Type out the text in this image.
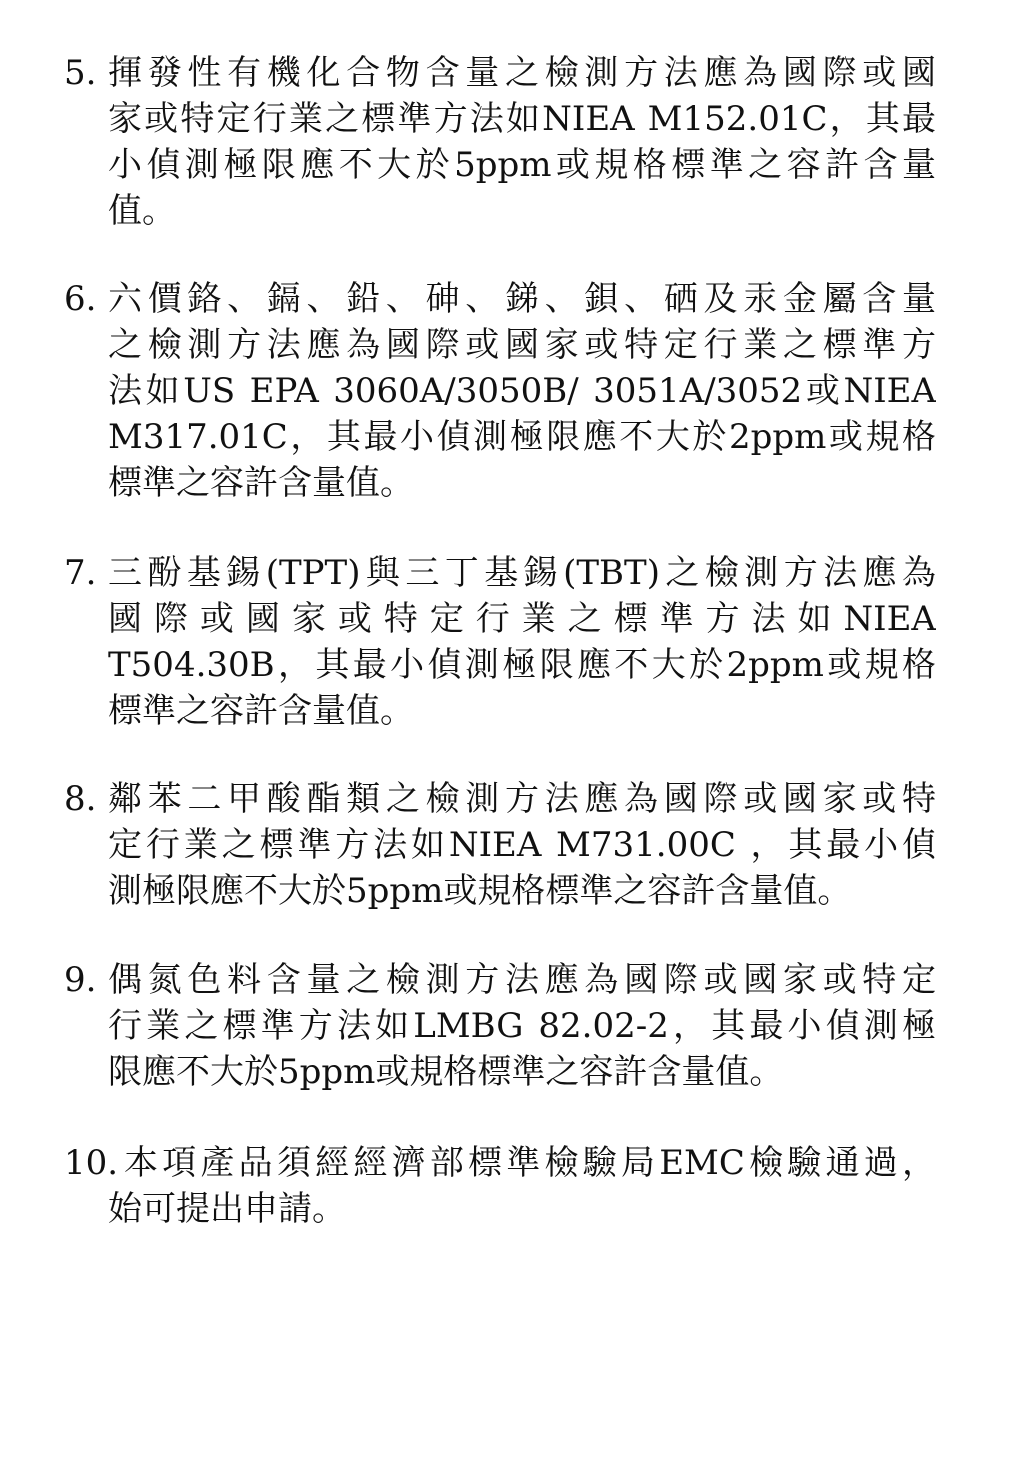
5. 揮發性有機化合物含量之檢測方法應為國際或國
家或特定行業之標準方法如NIEA M152.01C，其最
小偵測極限應不大於5ppm或規格標準之容許含量
值。
6. 六價鉻、鎘、鉛、砷、銻、鋇、硒及汞金屬含量
之檢測方法應為國際或國家或特定行業之標準方
法如US EPA 3060A/3050B/ 3051A/3052或NIEA
M317.01C，其最小偵測極限應不大於2ppm或規格
標準之容許含量值。
7. 三酚基錫(TPT)與三丁基錫(TBT)之檢測方法應為
國際或國家或特定行業之標準方法如NIEA
T504.30B，其最小偵測極限應不大於2ppm或規格
標準之容許含量值。
8. 鄰苯二甲酸酯類之檢測方法應為國際或國家或特
定行業之標準方法如NIEA M731.00C ，其最小偵
測極限應不大於5ppm或規格標準之容許含量值。
9. 偶氮色料含量之檢測方法應為國際或國家或特定
行業之標準方法如LMBG 82.02-2，其最小偵測極
限應不大於5ppm或規格標準之容許含量值。
10. 本項產品須經經濟部標準檢驗局EMC檢驗通過，
始可提出申請。
